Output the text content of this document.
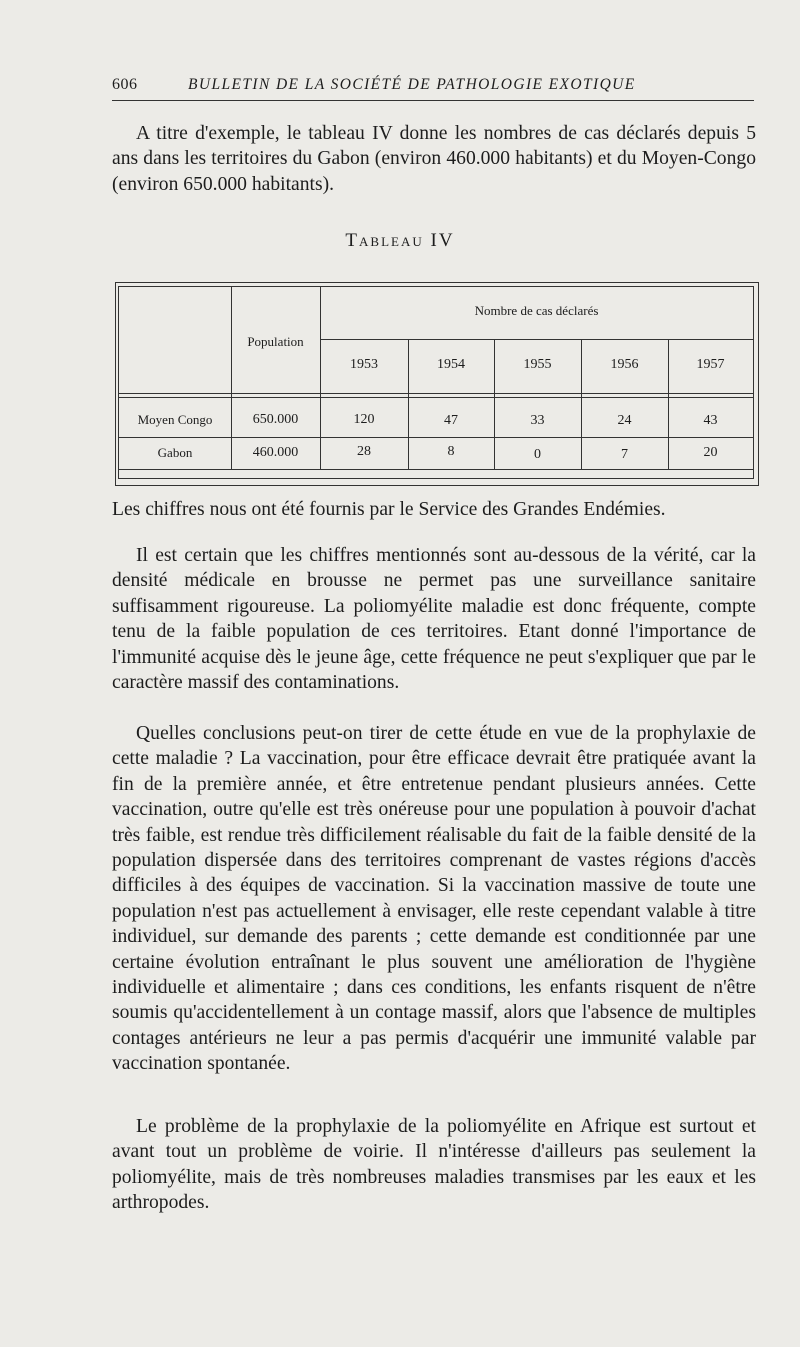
606	BULLETIN DE LA SOCIÉTÉ DE PATHOLOGIE EXOTIQUE

A titre d'exemple, le tableau IV donne les nombres de cas déclarés depuis 5 ans dans les territoires du Gabon (environ 460.000 habitants) et du Moyen-Congo (environ 650.000 habitants).

Tableau IV
Nombre de cas déclarés
Population
1953	1954	1955	1956	1957
Moyen Congo	650.000	120	47	33	24	43
Gabon	460.000	28	8	0	7	20

Les chiffres nous ont été fournis par le Service des Grandes Endémies.

Il est certain que les chiffres mentionnés sont au-dessous de la vérité, car la densité médicale en brousse ne permet pas une surveillance sanitaire suffisamment rigoureuse. La poliomyélite maladie est donc fréquente, compte tenu de la faible population de ces territoires. Etant donné l'importance de l'immunité acquise dès le jeune âge, cette fréquence ne peut s'expliquer que par le caractère massif des contaminations.

Quelles conclusions peut-on tirer de cette étude en vue de la prophylaxie de cette maladie ? La vaccination, pour être efficace devrait être pratiquée avant la fin de la première année, et être entretenue pendant plusieurs années. Cette vaccination, outre qu'elle est très onéreuse pour une population à pouvoir d'achat très faible, est rendue très difficilement réalisable du fait de la faible densité de la population dispersée dans des territoires comprenant de vastes régions d'accès difficiles à des équipes de vaccination. Si la vaccination massive de toute une population n'est pas actuellement à envisager, elle reste cependant valable à titre individuel, sur demande des parents ; cette demande est conditionnée par une certaine évolution entraînant le plus souvent une amélioration de l'hygiène individuelle et alimentaire ; dans ces conditions, les enfants risquent de n'être soumis qu'accidentellement à un contage massif, alors que l'absence de multiples contages antérieurs ne leur a pas permis d'acquérir une immunité valable par vaccination spontanée.

Le problème de la prophylaxie de la poliomyélite en Afrique est surtout et avant tout un problème de voirie. Il n'intéresse d'ailleurs pas seulement la poliomyélite, mais de très nombreuses maladies transmises par les eaux et les arthropodes.
